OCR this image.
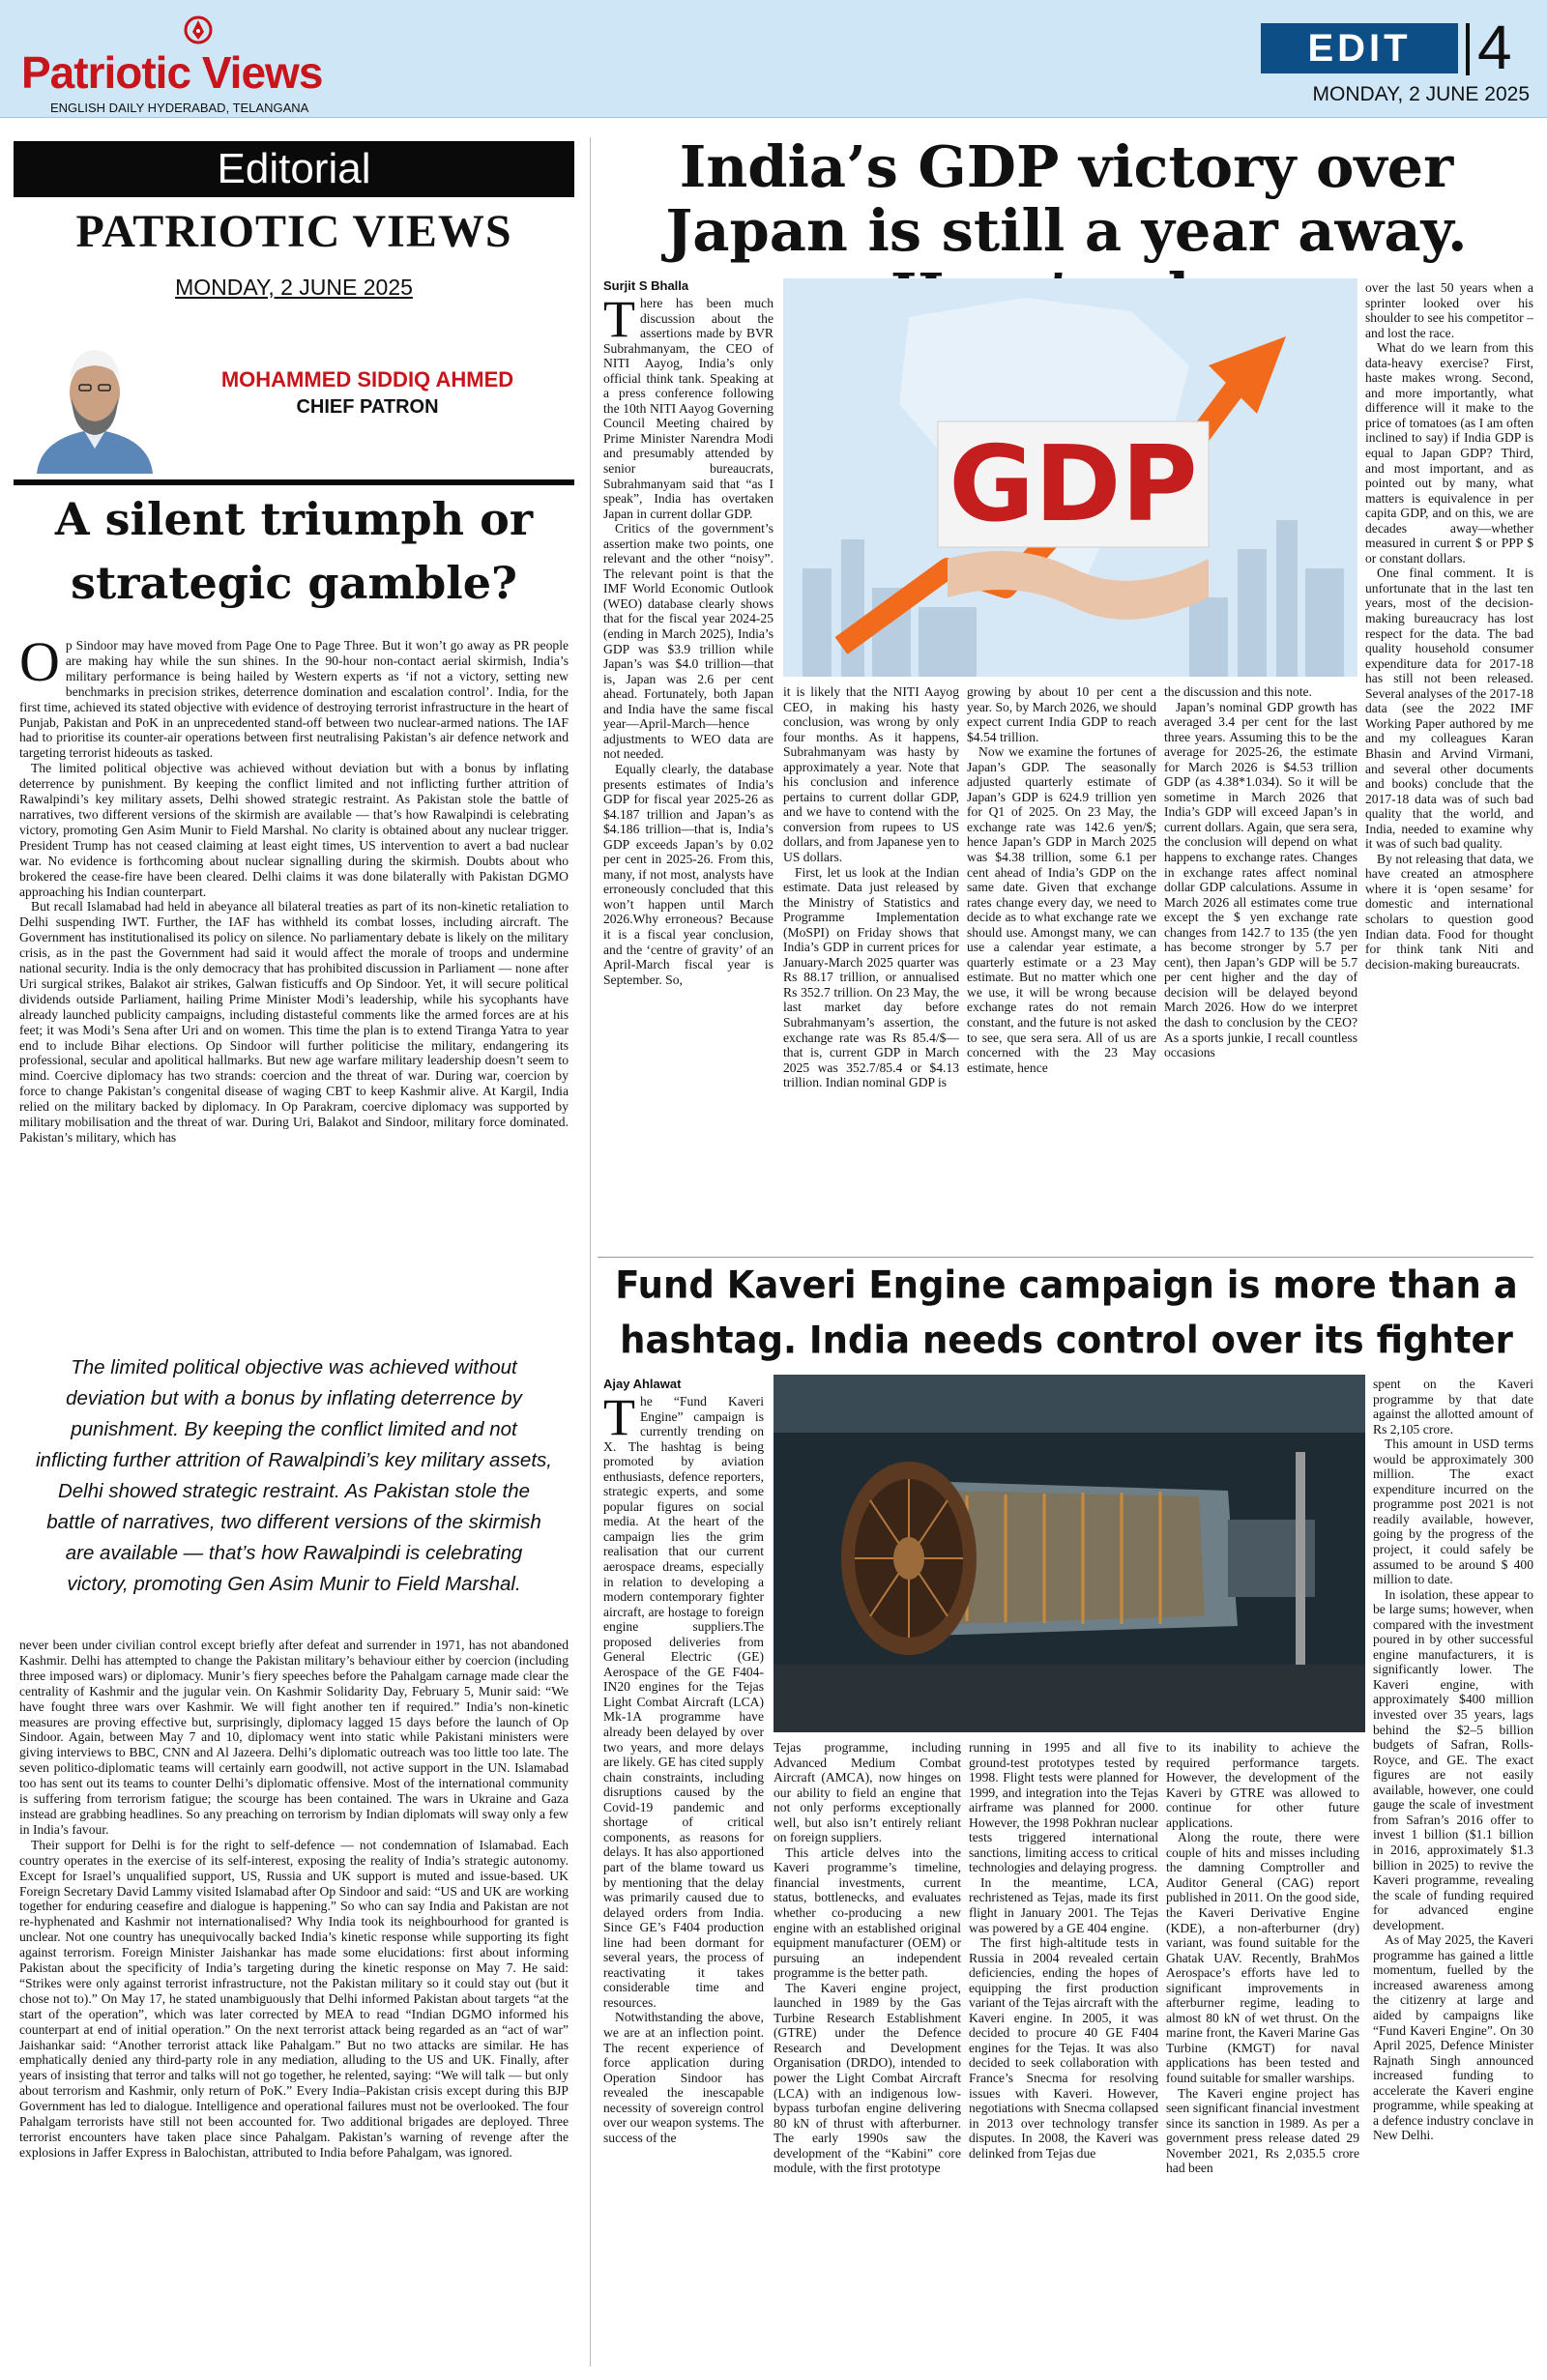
Patriotic Views
ENGLISH DAILY HYDERABAD, TELANGANA
EDIT	4
MONDAY, 2 JUNE 2025
Editorial
PATRIOTIC VIEWS
MONDAY, 2 JUNE 2025
MOHAMMED SIDDIQ AHMED
CHIEF PATRON
A silent triumph or strategic gamble?

Op Sindoor may have moved from Page One to Page Three. But it won’t go away as PR people are making hay while the sun shines. In the 90-hour non-contact aerial skirmish, India’s military performance is being hailed by Western experts as ‘if not a victory, setting new benchmarks in precision strikes, deterrence domination and escalation control’. India, for the first time, achieved its stated objective with evidence of destroying terrorist infrastructure in the heart of Punjab, Pakistan and PoK in an unprecedented stand-off between two nuclear-armed nations. The IAF had to prioritise its counter-air operations between first neutralising Pakistan’s air defence network and targeting terrorist hideouts as tasked.

The limited political objective was achieved without deviation but with a bonus by inflating deterrence by punishment. By keeping the conflict limited and not inflicting further attrition of Rawalpindi’s key military assets, Delhi showed strategic restraint. As Pakistan stole the battle of narratives, two different versions of the skirmish are available — that’s how Rawalpindi is celebrating victory, promoting Gen Asim Munir to Field Marshal. No clarity is obtained about any nuclear trigger. President Trump has not ceased claiming at least eight times, US intervention to avert a bad nuclear war. No evidence is forthcoming about nuclear signalling during the skirmish. Doubts about who brokered the cease-fire have been cleared. Delhi claims it was done bilaterally with Pakistan DGMO approaching his Indian counterpart.

But recall Islamabad had held in abeyance all bilateral treaties as part of its non-kinetic retaliation to Delhi suspending IWT. Further, the IAF has withheld its combat losses, including aircraft. The Government has institutionalised its policy on silence. No parliamentary debate is likely on the military crisis, as in the past the Government had said it would affect the morale of troops and undermine national security. India is the only democracy that has prohibited discussion in Parliament — none after Uri surgical strikes, Balakot air strikes, Galwan fisticuffs and Op Sindoor. Yet, it will secure political dividends outside Parliament, hailing Prime Minister Modi’s leadership, while his sycophants have already launched publicity campaigns, including distasteful comments like the armed forces are at his feet; it was Modi’s Sena after Uri and on women. This time the plan is to extend Tiranga Yatra to year end to include Bihar elections. Op Sindoor will further politicise the military, endangering its professional, secular and apolitical hallmarks. But new age warfare military leadership doesn’t seem to mind. Coercive diplomacy has two strands: coercion and the threat of war. During war, coercion by force to change Pakistan’s congenital disease of waging CBT to keep Kashmir alive. At Kargil, India relied on the military backed by diplomacy. In Op Parakram, coercive diplomacy was supported by military mobilisation and the threat of war. During Uri, Balakot and Sindoor, military force dominated. Pakistan’s military, which has

The limited political objective was achieved without deviation but with a bonus by inflating deterrence by punishment. By keeping the conflict limited and not inflicting further attrition of Rawalpindi’s key military assets, Delhi showed strategic restraint. As Pakistan stole the battle of narratives, two different versions of the skirmish are available — that’s how Rawalpindi is celebrating victory, promoting Gen Asim Munir to Field Marshal.

never been under civilian control except briefly after defeat and surrender in 1971, has not abandoned Kashmir. Delhi has attempted to change the Pakistan military’s behaviour either by coercion (including three imposed wars) or diplomacy. Munir’s fiery speeches before the Pahalgam carnage made clear the centrality of Kashmir and the jugular vein. On Kashmir Solidarity Day, February 5, Munir said: “We have fought three wars over Kashmir. We will fight another ten if required.” India’s non-kinetic measures are proving effective but, surprisingly, diplomacy lagged 15 days before the launch of Op Sindoor. Again, between May 7 and 10, diplomacy went into static while Pakistani ministers were giving interviews to BBC, CNN and Al Jazeera. Delhi’s diplomatic outreach was too little too late. The seven politico-diplomatic teams will certainly earn goodwill, not active support in the UN. Islamabad too has sent out its teams to counter Delhi’s diplomatic offensive. Most of the international community is suffering from terrorism fatigue; the scourge has been contained. The wars in Ukraine and Gaza instead are grabbing headlines. So any preaching on terrorism by Indian diplomats will sway only a few in India’s favour.

Their support for Delhi is for the right to self-defence — not condemnation of Islamabad. Each country operates in the exercise of its self-interest, exposing the reality of India’s strategic autonomy. Except for Israel’s unqualified support, US, Russia and UK support is muted and issue-based. UK Foreign Secretary David Lammy visited Islamabad after Op Sindoor and said: “US and UK are working together for enduring ceasefire and dialogue is happening.” So who can say India and Pakistan are not re-hyphenated and Kashmir not internationalised? Why India took its neighbourhood for granted is unclear. Not one country has unequivocally backed India’s kinetic response while supporting its fight against terrorism. Foreign Minister Jaishankar has made some elucidations: first about informing Pakistan about the specificity of India’s targeting during the kinetic response on May 7. He said: “Strikes were only against terrorist infrastructure, not the Pakistan military so it could stay out (but it chose not to).” On May 17, he stated unambiguously that Delhi informed Pakistan about targets “at the start of the operation”, which was later corrected by MEA to read “Indian DGMO informed his counterpart at end of initial operation.” On the next terrorist attack being regarded as an “act of war” Jaishankar said: “Another terrorist attack like Pahalgam.” But no two attacks are similar. He has emphatically denied any third-party role in any mediation, alluding to the US and UK. Finally, after years of insisting that terror and talks will not go together, he relented, saying: “We will talk — but only about terrorism and Kashmir, only return of PoK.” Every India–Pakistan crisis except during this BJP Government has led to dialogue. Intelligence and operational failures must not be overlooked. The four Pahalgam terrorists have still not been accounted for. Two additional brigades are deployed. Three terrorist encounters have taken place since Pahalgam. Pakistan’s warning of revenge after the explosions in Jaffer Express in Balochistan, attributed to India before Pahalgam, was ignored.

India’s GDP victory over Japan is still a year away.
Surjit S Bhalla
GDP

There has been much discussion about the assertions made by BVR Subrahmanyam, the CEO of NITI Aayog, India’s only official think tank. Speaking at a press conference following the 10th NITI Aayog Governing Council Meeting chaired by Prime Minister Narendra Modi and presumably attended by senior bureaucrats, Subrahmanyam said that “as I speak”, India has overtaken Japan in current dollar GDP.

Critics of the government’s assertion make two points, one relevant and the other “noisy”. The relevant point is that the IMF World Economic Outlook (WEO) database clearly shows that for the fiscal year 2024-25 (ending in March 2025), India’s GDP was $3.9 trillion while Japan’s was $4.0 trillion—that is, Japan was 2.6 per cent ahead. Fortunately, both Japan and India have the same fiscal year—April-March—hence adjustments to WEO data are not needed.

Equally clearly, the database presents estimates of India’s GDP for fiscal year 2025-26 as $4.187 trillion and Japan’s as $4.186 trillion—that is, India’s GDP exceeds Japan’s by 0.02 per cent in 2025-26. From this, many, if not most, analysts have erroneously concluded that this won’t happen until March 2026.Why erroneous? Because it is a fiscal year conclusion, and the ‘centre of gravity’ of an April-March fiscal year is September. So,

it is likely that the NITI Aayog CEO, in making his hasty conclusion, was wrong by only four months. As it happens, Subrahmanyam was hasty by approximately a year. Note that his conclusion and inference pertains to current dollar GDP, and we have to contend with the conversion from rupees to US dollars, and from Japanese yen to US dollars.

First, let us look at the Indian estimate. Data just released by the Ministry of Statistics and Programme Implementation (MoSPI) on Friday shows that India’s GDP in current prices for January-March 2025 quarter was Rs 88.17 trillion, or annualised Rs 352.7 trillion. On 23 May, the last market day before Subrahmanyam’s assertion, the exchange rate was Rs 85.4/$—that is, current GDP in March 2025 was 352.7/85.4 or $4.13 trillion. Indian nominal GDP is

growing by about 10 per cent a year. So, by March 2026, we should expect current India GDP to reach $4.54 trillion.

Now we examine the fortunes of Japan’s GDP. The seasonally adjusted quarterly estimate of Japan’s GDP is 624.9 trillion yen for Q1 of 2025. On 23 May, the exchange rate was 142.6 yen/$; hence Japan’s GDP in March 2025 was $4.38 trillion, some 6.1 per cent ahead of India’s GDP on the same date. Given that exchange rates change every day, we need to decide as to what exchange rate we should use. Amongst many, we can use a calendar year estimate, a quarterly estimate or a 23 May estimate. But no matter which one we use, it will be wrong because exchange rates do not remain constant, and the future is not asked to see, que sera sera. All of us are concerned with the 23 May estimate, hence

the discussion and this note.

Japan’s nominal GDP growth has averaged 3.4 per cent for the last three years. Assuming this to be the average for 2025-26, the estimate for March 2026 is $4.53 trillion GDP (as 4.38*1.034). So it will be sometime in March 2026 that India’s GDP will exceed Japan’s in current dollars. Again, que sera sera, the conclusion will depend on what happens to exchange rates. Changes in exchange rates affect nominal dollar GDP calculations. Assume in March 2026 all estimates come true except the $ yen exchange rate changes from 142.7 to 135 (the yen has become stronger by 5.7 per cent), then Japan’s GDP will be 5.7 per cent higher and the day of decision will be delayed beyond March 2026. How do we interpret the dash to conclusion by the CEO? As a sports junkie, I recall countless occasions

over the last 50 years when a sprinter looked over his shoulder to see his competitor – and lost the race.

What do we learn from this data-heavy exercise? First, haste makes wrong. Second, and more importantly, what difference will it make to the price of tomatoes (as I am often inclined to say) if India GDP is equal to Japan GDP? Third, and most important, and as pointed out by many, what matters is equivalence in per capita GDP, and on this, we are decades away—whether measured in current $ or PPP $ or constant dollars.

One final comment. It is unfortunate that in the last ten years, most of the decision-making bureaucracy has lost respect for the data. The bad quality household consumer expenditure data for 2017-18 has still not been released. Several analyses of the 2017-18 data (see the 2022 IMF Working Paper authored by me and my colleagues Karan Bhasin and Arvind Virmani, and several other documents and books) conclude that the 2017-18 data was of such bad quality that the world, and India, needed to examine why it was of such bad quality.

By not releasing that data, we have created an atmosphere where it is ‘open sesame’ for domestic and international scholars to question good Indian data. Food for thought for think tank Niti and decision-making bureaucrats.

Fund Kaveri Engine campaign is more than a hashtag. India needs control over its fighter
Ajay Ahlawat

The “Fund Kaveri Engine” campaign is currently trending on X. The hashtag is being promoted by aviation enthusiasts, defence reporters, strategic experts, and some popular figures on social media. At the heart of the campaign lies the grim realisation that our current aerospace dreams, especially in relation to developing a modern contemporary fighter aircraft, are hostage to foreign engine suppliers.The proposed deliveries from General Electric (GE) Aerospace of the GE F404-IN20 engines for the Tejas Light Combat Aircraft (LCA) Mk-1A programme have already been delayed by over two years, and more delays are likely. GE has cited supply chain constraints, including disruptions caused by the Covid-19 pandemic and shortage of critical components, as reasons for delays. It has also apportioned part of the blame toward us by mentioning that the delay was primarily caused due to delayed orders from India. Since GE’s F404 production line had been dormant for several years, the process of reactivating it takes considerable time and resources.

Notwithstanding the above, we are at an inflection point. The recent experience of force application during Operation Sindoor has revealed the inescapable necessity of sovereign control over our weapon systems. The success of the

Tejas programme, including Advanced Medium Combat Aircraft (AMCA), now hinges on our ability to field an engine that not only performs exceptionally well, but also isn’t entirely reliant on foreign suppliers.

This article delves into the Kaveri programme’s timeline, financial investments, current status, bottlenecks, and evaluates whether co-producing a new engine with an established original equipment manufacturer (OEM) or pursuing an independent programme is the better path.

The Kaveri engine project, launched in 1989 by the Gas Turbine Research Establishment (GTRE) under the Defence Research and Development Organisation (DRDO), intended to power the Light Combat Aircraft (LCA) with an indigenous low-bypass turbofan engine delivering 80 kN of thrust with afterburner. The early 1990s saw the development of the “Kabini” core module, with the first prototype

running in 1995 and all five ground-test prototypes tested by 1998. Flight tests were planned for 1999, and integration into the Tejas airframe was planned for 2000. However, the 1998 Pokhran nuclear tests triggered international sanctions, limiting access to critical technologies and delaying progress.

In the meantime, LCA, rechristened as Tejas, made its first flight in January 2001. The Tejas was powered by a GE 404 engine.

The first high-altitude tests in Russia in 2004 revealed certain deficiencies, ending the hopes of equipping the first production variant of the Tejas aircraft with the Kaveri engine. In 2005, it was decided to procure 40 GE F404 engines for the Tejas. It was also decided to seek collaboration with France’s Snecma for resolving issues with Kaveri. However, negotiations with Snecma collapsed in 2013 over technology transfer disputes. In 2008, the Kaveri was delinked from Tejas due

to its inability to achieve the required performance targets. However, the development of the Kaveri by GTRE was allowed to continue for other future applications.

Along the route, there were couple of hits and misses including the damning Comptroller and Auditor General (CAG) report published in 2011. On the good side, the Kaveri Derivative Engine (KDE), a non-afterburner (dry) variant, was found suitable for the Ghatak UAV. Recently, BrahMos Aerospace’s efforts have led to significant improvements in afterburner regime, leading to almost 80 kN of wet thrust. On the marine front, the Kaveri Marine Gas Turbine (KMGT) for naval applications has been tested and found suitable for smaller warships.

The Kaveri engine project has seen significant financial investment since its sanction in 1989. As per a government press release dated 29 November 2021, Rs 2,035.5 crore had been

spent on the Kaveri programme by that date against the allotted amount of Rs 2,105 crore.

This amount in USD terms would be approximately 300 million. The exact expenditure incurred on the programme post 2021 is not readily available, however, going by the progress of the project, it could safely be assumed to be around $ 400 million to date.

In isolation, these appear to be large sums; however, when compared with the investment poured in by other successful engine manufacturers, it is significantly lower. The Kaveri engine, with approximately $400 million invested over 35 years, lags behind the $2–5 billion budgets of Safran, Rolls-Royce, and GE. The exact figures are not easily available, however, one could gauge the scale of investment from Safran’s 2016 offer to invest 1 billion ($1.1 billion in 2016, approximately $1.3 billion in 2025) to revive the Kaveri programme, revealing the scale of funding required for advanced engine development.

As of May 2025, the Kaveri programme has gained a little momentum, fuelled by the increased awareness among the citizenry at large and aided by campaigns like “Fund Kaveri Engine”. On 30 April 2025, Defence Minister Rajnath Singh announced increased funding to accelerate the Kaveri engine programme, while speaking at a defence industry conclave in New Delhi.
